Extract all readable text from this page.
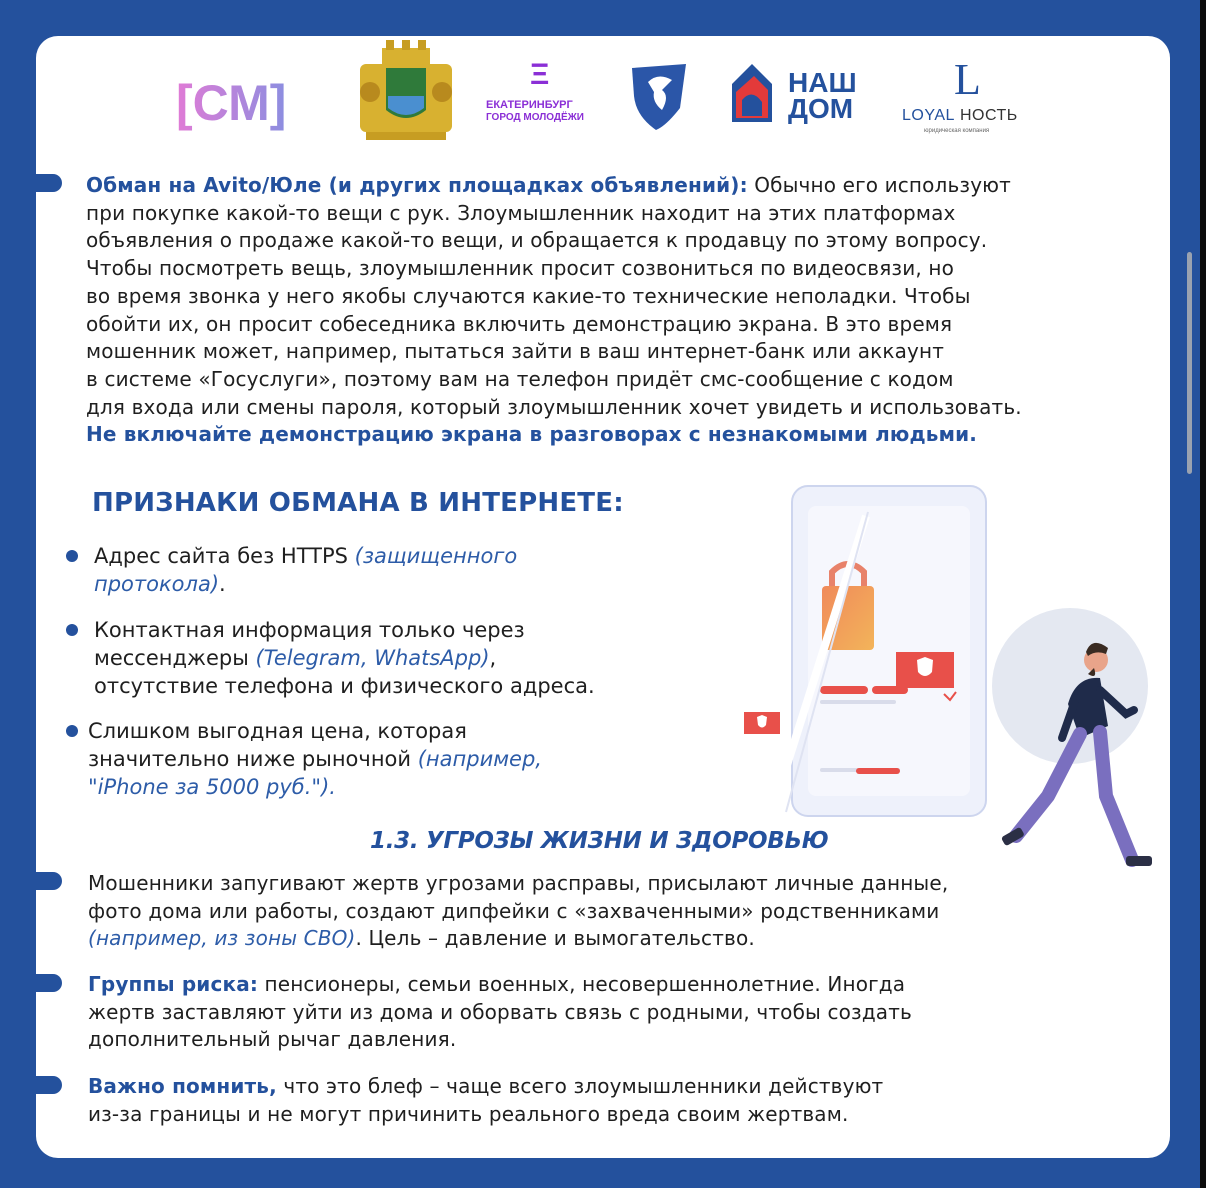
[СМ]
Ξ
ЕКАТЕРИНБУРГ
ГОРОД МОЛОДЁЖИ
НАШ
ДОМ
L
LOYAL НОСТЬ
юридическая компания
Обман на Avito/Юле (и других площадках объявлений): Обычно его используют
при покупке какой-то вещи с рук. Злоумышленник находит на этих платформах
объявления о продаже какой-то вещи, и обращается к продавцу по этому вопросу.
Чтобы посмотреть вещь, злоумышленник просит созвониться по видеосвязи, но
во время звонка у него якобы случаются какие-то технические неполадки. Чтобы
обойти их, он просит собеседника включить демонстрацию экрана. В это время
мошенник может, например, пытаться зайти в ваш интернет-банк или аккаунт
в системе «Госуслуги», поэтому вам на телефон придёт смс-сообщение с кодом
для входа или смены пароля, который злоумышленник хочет увидеть и использовать.
Не включайте демонстрацию экрана в разговорах с незнакомыми людьми.
ПРИЗНАКИ ОБМАНА В ИНТЕРНЕТЕ:
Адрес сайта без HTTPS (защищенного
протокола).
Контактная информация только через
мессенджеры (Telegram, WhatsApp),
отсутствие телефона и физического адреса.
Слишком выгодная цена, которая
значительно ниже рыночной (например,
"iPhone за 5000 руб.").
1.3. УГРОЗЫ ЖИЗНИ И ЗДОРОВЬЮ
Мошенники запугивают жертв угрозами расправы, присылают личные данные,
фото дома или работы, создают дипфейки с «захваченными» родственниками
(например, из зоны СВО). Цель – давление и вымогательство.
Группы риска: пенсионеры, семьи военных, несовершеннолетние. Иногда
жертв заставляют уйти из дома и оборвать связь с родными, чтобы создать
дополнительный рычаг давления.
Важно помнить, что это блеф – чаще всего злоумышленники действуют
из-за границы и не могут причинить реального вреда своим жертвам.
